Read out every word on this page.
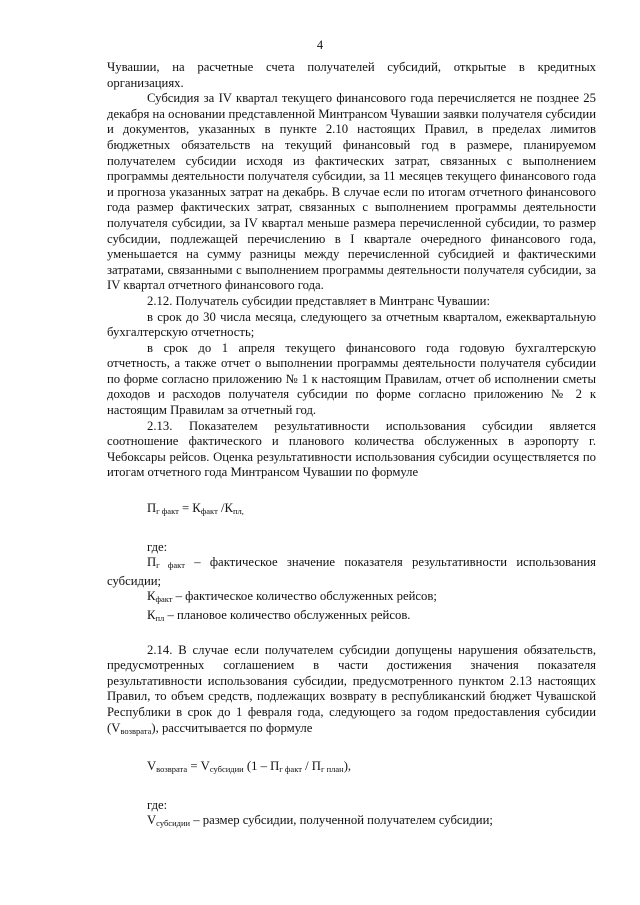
4

Чувашии, на расчетные счета получателей субсидий, открытые в кредитных организациях.

Субсидия за IV квартал текущего финансового года перечисляется не позднее 25 декабря на основании представленной Минтрансом Чувашии заявки получателя субсидии и документов, указанных в пункте 2.10 настоящих Правил, в пределах лимитов бюджетных обязательств на текущий финансовый год в размере, планируемом получателем субсидии исходя из фактических затрат, связанных с выполнением программы деятельности получателя субсидии, за 11 месяцев текущего финансового года и прогноза указанных затрат на декабрь. В случае если по итогам отчетного финансового года размер фактических затрат, связанных с выполнением программы деятельности получателя субсидии, за IV квартал меньше размера перечисленной субсидии, то размер субсидии, подлежащей перечислению в I квартале очередного финансового года, уменьшается на сумму разницы между перечисленной субсидией и фактическими затратами, связанными с выполнением программы деятельности получателя субсидии, за IV квартал отчетного финансового года.

2.12. Получатель субсидии представляет в Минтранс Чувашии:

в срок до 30 числа месяца, следующего за отчетным кварталом, ежеквартальную бухгалтерскую отчетность;

в срок до 1 апреля текущего финансового года годовую бухгалтерскую отчетность, а также отчет о выполнении программы деятельности получателя субсидии по форме согласно приложению № 1 к настоящим Правилам, отчет об исполнении сметы доходов и расходов получателя субсидии по форме согласно приложению № 2 к настоящим Правилам за отчетный год.

2.13. Показателем результативности использования субсидии является соотношение фактического и планового количества обслуженных в аэропорту г. Чебоксары рейсов. Оценка результативности использования субсидии осуществляется по итогам отчетного года Минтрансом Чувашии по формуле

$П_{г факт} = К_{факт}$ $/К_{пл,}$

где:

$П_{г факт}$ – фактическое значение показателя результативности использования субсидии;

$К_{факт}$ – фактическое количество обслуженных рейсов;

$К_{пл}$ – плановое количество обслуженных рейсов.

2.14. В случае если получателем субсидии допущены нарушения обязательств, предусмотренных соглашением в части достижения значения показателя результативности использования субсидии, предусмотренного пунктом 2.13 настоящих Правил, то объем средств, подлежащих возврату в республиканский бюджет Чувашской Республики в срок до 1 февраля года, следующего за годом предоставления субсидии $(V_{возврата})$, рассчитывается по формуле

$V_{возврата} = V_{субсидии}$ $(1 - П_{г факт} / П_{г план})$,

где:

$V_{субсидии}$ – размер субсидии, полученной получателем субсидии;
